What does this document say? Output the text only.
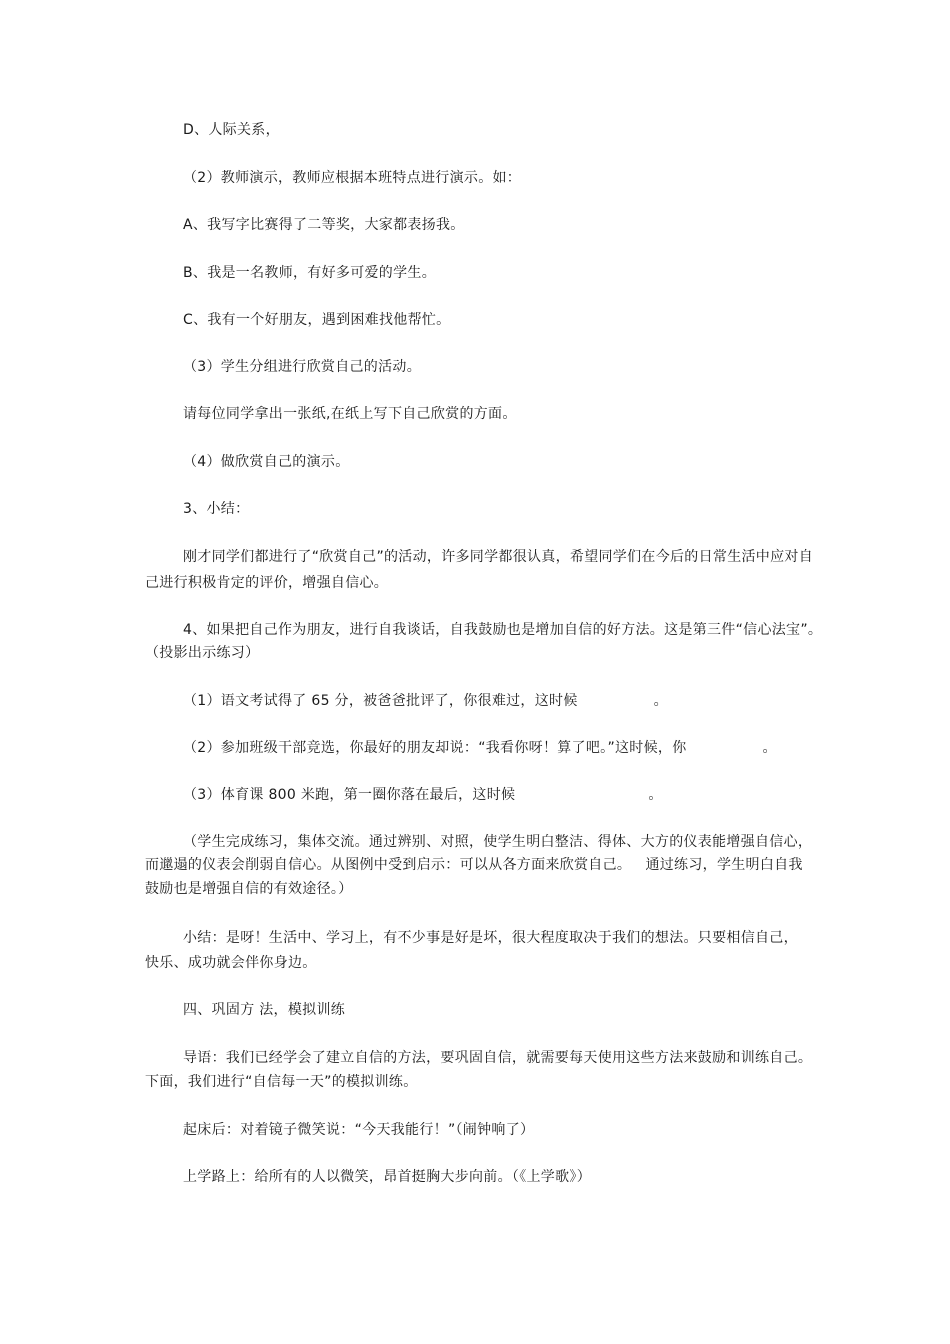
D、人际关系，
（2）教师演示，教师应根据本班特点进行演示。如：
A、我写字比赛得了二等奖，大家都表扬我。
B、我是一名教师，有好多可爱的学生。
C、我有一个好朋友，遇到困难找他帮忙。
（3）学生分组进行欣赏自己的活动。
请每位同学拿出一张纸,在纸上写下自己欣赏的方面。
（4）做欣赏自己的演示。
3、小结：
刚才同学们都进行了“欣赏自己”的活动，许多同学都很认真，希望同学们在今后的日常生活中应对自
己进行积极肯定的评价，增强自信心。
4、如果把自己作为朋友，进行自我谈话，自我鼓励也是增加自信的好方法。这是第三件“信心法宝”。
（投影出示练习）
（1）语文考试得了 65 分，被爸爸批评了，你很难过，这时候                。
（2）参加班级干部竞选，你最好的朋友却说：“我看你呀！算了吧。”这时候，你                。
（3）体育课 800 米跑，第一圈你落在最后，这时候                            。
（学生完成练习，集体交流。通过辨别、对照，使学生明白整洁、得体、大方的仪表能增强自信心，
而邋遢的仪表会削弱自信心。从图例中受到启示：可以从各方面来欣赏自己。   通过练习，学生明白自我
鼓励也是增强自信的有效途径。）
小结：是呀！生活中、学习上，有不少事是好是坏，很大程度取决于我们的想法。只要相信自己，
快乐、成功就会伴你身边。
四、巩固方 法，模拟训练
导语：我们已经学会了建立自信的方法，要巩固自信，就需要每天使用这些方法来鼓励和训练自己。
下面，我们进行“自信每一天”的模拟训练。
起床后：对着镜子微笑说：“今天我能行！”（闹钟响了）
上学路上：给所有的人以微笑，昂首挺胸大步向前。（《上学歌》）
